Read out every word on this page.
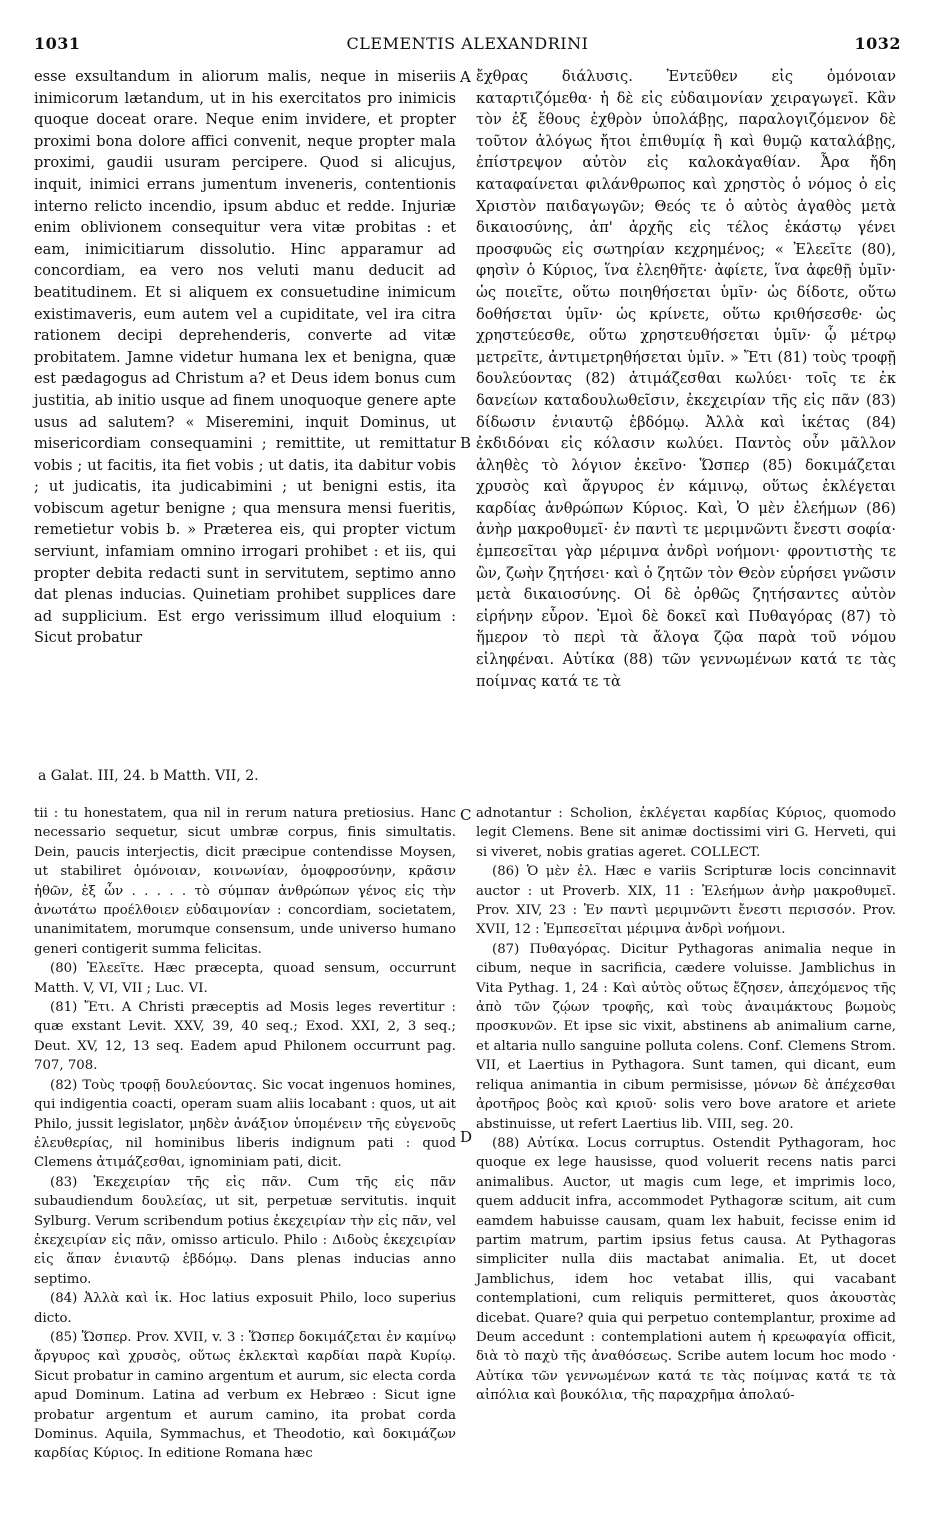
1031	CLEMENTIS ALEXANDRINI	1032
A
B
C
D

esse exsultandum in aliorum malis, neque in miseriis inimicorum lætandum, ut in his exercitatos pro inimicis quoque doceat orare. Neque enim invidere, et propter proximi bona dolore affici convenit, neque propter mala proximi, gaudii usuram percipere. Quod si alicujus, inquit, inimici errans jumentum inveneris, contentionis interno relicto incendio, ipsum abduc et redde. Injuriæ enim oblivionem consequitur vera vitæ probitas : et eam, inimicitiarum dissolutio. Hinc apparamur ad concordiam, ea vero nos veluti manu deducit ad beatitudinem. Et si aliquem ex consuetudine inimicum existimaveris, eum autem vel a cupiditate, vel ira citra rationem decipi deprehenderis, converte ad vitæ probitatem. Jamne videtur humana lex et benigna, quæ est pædagogus ad Christum a? et Deus idem bonus cum justitia, ab initio usque ad finem unoquoque genere apte usus ad salutem? « Miseremini, inquit Dominus, ut misericordiam consequamini ; remittite, ut remittatur vobis ; ut facitis, ita fiet vobis ; ut datis, ita dabitur vobis ; ut judicatis, ita judicabimini ; ut benigni estis, ita vobiscum agetur benigne ; qua mensura mensi fueritis, remetietur vobis b. » Præterea eis, qui propter victum serviunt, infamiam omnino irrogari prohibet : et iis, qui propter debita redacti sunt in servitutem, septimo anno dat plenas inducias. Quinetiam prohibet supplices dare ad supplicium. Est ergo verissimum illud eloquium : Sicut probatur

ἔχθρας διάλυσις. Ἐντεῦθεν εἰς ὁμόνοιαν καταρτιζόμεθα· ἡ δὲ εἰς εὐδαιμονίαν χειραγωγεῖ. Κἂν τὸν ἐξ ἔθους ἐχθρὸν ὑπολάβῃς, παραλογιζόμενον δὲ τοῦτον ἀλόγως ἤτοι ἐπιθυμίᾳ ἢ καὶ θυμῷ καταλάβῃς, ἐπίστρεψον αὐτὸν εἰς καλοκἀγαθίαν. Ἆρα ἤδη καταφαίνεται φιλάνθρωπος καὶ χρηστὸς ὁ νόμος ὁ εἰς Χριστὸν παιδαγωγῶν; Θεός τε ὁ αὐτὸς ἀγαθὸς μετὰ δικαιοσύνης, ἀπ' ἀρχῆς εἰς τέλος ἑκάστῳ γένει προσφυῶς εἰς σωτηρίαν κεχρημένος; « Ἐλεεῖτε (80), φησὶν ὁ Κύριος, ἵνα ἐλεηθῆτε· ἀφίετε, ἵνα ἀφεθῇ ὑμῖν· ὡς ποιεῖτε, οὕτω ποιηθήσεται ὑμῖν· ὡς δίδοτε, οὕτω δοθήσεται ὑμῖν· ὡς κρίνετε, οὕτω κριθήσεσθε· ὡς χρηστεύεσθε, οὕτω χρηστευθήσεται ὑμῖν· ᾧ μέτρῳ μετρεῖτε, ἀντιμετρηθήσεται ὑμῖν. » Ἔτι (81) τοὺς τροφῇ δουλεύοντας (82) ἀτιμάζεσθαι κωλύει· τοῖς τε ἐκ δανείων καταδουλωθεῖσιν, ἐκεχειρίαν τῆς εἰς πᾶν (83) δίδωσιν ἐνιαυτῷ ἑβδόμῳ. Ἀλλὰ καὶ ἱκέτας (84) ἐκδιδόναι εἰς κόλασιν κωλύει. Παντὸς οὖν μᾶλλον ἀληθὲς τὸ λόγιον ἐκεῖνο· Ὥσπερ (85) δοκιμάζεται χρυσὸς καὶ ἄργυρος ἐν κάμινῳ, οὕτως ἐκλέγεται καρδίας ἀνθρώπων Κύριος. Καὶ, Ὁ μὲν ἐλεήμων (86) ἀνὴρ μακροθυμεῖ· ἐν παντὶ τε μεριμνῶντι ἔνεστι σοφία· ἐμπεσεῖται γὰρ μέριμνα ἀνδρὶ νοήμονι· φροντιστὴς τε ὢν, ζωὴν ζητήσει· καὶ ὁ ζητῶν τὸν Θεὸν εὑρήσει γνῶσιν μετὰ δικαιοσύνης. Οἱ δὲ ὀρθῶς ζητήσαντες αὐτὸν εἰρήνην εὗρον. Ἐμοὶ δὲ δοκεῖ καὶ Πυθαγόρας (87) τὸ ἥμερον τὸ περὶ τὰ ἄλογα ζῷα παρὰ τοῦ νόμου εἰληφέναι. Αὐτίκα (88) τῶν γεννωμένων κατά τε τὰς ποίμνας κατά τε τὰ

a Galat. III, 24. b Matth. VII, 2.

tii : tu honestatem, qua nil in rerum natura pretiosius. Hanc necessario sequetur, sicut umbræ corpus, finis simultatis. Dein, paucis interjectis, dicit præcipue contendisse Moysen, ut stabiliret ὁμόνοιαν, κοινωνίαν, ὁμοφροσύνην, κρᾶσιν ἠθῶν, ἐξ ὧν . . . . . τὸ σύμπαν ἀνθρώπων γένος εἰς τὴν ἀνωτάτω προέλθοιεν εὐδαιμονίαν : concordiam, societatem, unanimitatem, morumque consensum, unde universo humano generi contigerit summa felicitas.

(80) Ἐλεεῖτε. Hæc præcepta, quoad sensum, occurrunt Matth. V, VI, VII ; Luc. VI.

(81) Ἔτι. A Christi præceptis ad Mosis leges revertitur : quæ exstant Levit. XXV, 39, 40 seq.; Exod. XXI, 2, 3 seq.; Deut. XV, 12, 13 seq. Eadem apud Philonem occurrunt pag. 707, 708.

(82) Τοὺς τροφῇ δουλεύοντας. Sic vocat ingenuos homines, qui indigentia coacti, operam suam aliis locabant : quos, ut ait Philo, jussit legislator, μηδὲν ἀνάξιον ὑπομένειν τῆς εὐγενοῦς ἐλευθερίας, nil hominibus liberis indignum pati : quod Clemens ἀτιμάζεσθαι, ignominiam pati, dicit.

(83) Ἐκεχειρίαν τῆς εἰς πᾶν. Cum τῆς εἰς πᾶν subaudiendum δουλείας, ut sit, perpetuæ servitutis. inquit Sylburg. Verum scribendum potius ἐκεχειρίαν τὴν εἰς πᾶν, vel ἐκεχειρίαν εἰς πᾶν, omisso articulo. Philo : Διδοὺς ἐκεχειρίαν εἰς ἅπαν ἐνιαυτῷ ἑβδόμῳ. Dans plenas inducias anno septimo.

(84) Ἀλλὰ καὶ ἱκ. Hoc latius exposuit Philo, loco superius dicto.

(85) Ὥσπερ. Prov. XVII, v. 3 : Ὥσπερ δοκιμάζεται ἐν καμίνῳ ἄργυρος καὶ χρυσὸς, οὕτως ἐκλεκταὶ καρδίαι παρὰ Κυρίῳ. Sicut probatur in camino argentum et aurum, sic electa corda apud Dominum. Latina ad verbum ex Hebræo : Sicut igne probatur argentum et aurum camino, ita probat corda Dominus. Aquila, Symmachus, et Theodotio, καὶ δοκιμάζων καρδίας Κύριος. In editione Romana hæc

adnotantur : Scholion, ἐκλέγεται καρδίας Κύριος, quomodo legit Clemens. Bene sit animæ doctissimi viri G. Herveti, qui si viveret, nobis gratias ageret. COLLECT.

(86) Ὁ μὲν ἐλ. Hæc e variis Scripturæ locis concinnavit auctor : ut Proverb. XIX, 11 : Ἐλεήμων ἀνὴρ μακροθυμεῖ. Prov. XIV, 23 : Ἐν παντὶ μεριμνῶντι ἔνεστι περισσόν. Prov. XVII, 12 : Ἐμπεσεῖται μέριμνα ἀνδρὶ νοήμονι.

(87) Πυθαγόρας. Dicitur Pythagoras animalia neque in cibum, neque in sacrificia, cædere voluisse. Jamblichus in Vita Pythag. 1, 24 : Καὶ αὐτὸς οὕτως ἔζησεν, ἀπεχόμενος τῆς ἀπὸ τῶν ζῴων τροφῆς, καὶ τοὺς ἀναιμάκτους βωμοὺς προσκυνῶν. Et ipse sic vixit, abstinens ab animalium carne, et altaria nullo sanguine polluta colens. Conf. Clemens Strom. VII, et Laertius in Pythagora. Sunt tamen, qui dicant, eum reliqua animantia in cibum permisisse, μόνων δὲ ἀπέχεσθαι ἀροτῆρος βοὸς καὶ κριοῦ· solis vero bove aratore et ariete abstinuisse, ut refert Laertius lib. VIII, seg. 20.

(88) Αὐτίκα. Locus corruptus. Ostendit Pythagoram, hoc quoque ex lege hausisse, quod voluerit recens natis parci animalibus. Auctor, ut magis cum lege, et imprimis loco, quem adducit infra, accommodet Pythagoræ scitum, ait cum eamdem habuisse causam, quam lex habuit, fecisse enim id partim matrum, partim ipsius fetus causa. At Pythagoras simpliciter nulla diis mactabat animalia. Et, ut docet Jamblichus, idem hoc vetabat illis, qui vacabant contemplationi, cum reliquis permitteret, quos ἀκουστὰς dicebat. Quare? quia qui perpetuo contemplantur, proxime ad Deum accedunt : contemplationi autem ἡ κρεωφαγία officit, διὰ τὸ παχὺ τῆς ἀναθόσεως. Scribe autem locum hoc modo · Αὐτίκα τῶν γεννωμένων κατά τε τὰς ποίμνας κατά τε τὰ αἰπόλια καὶ βουκόλια, τῆς παραχρῆμα ἀπολαύ-
